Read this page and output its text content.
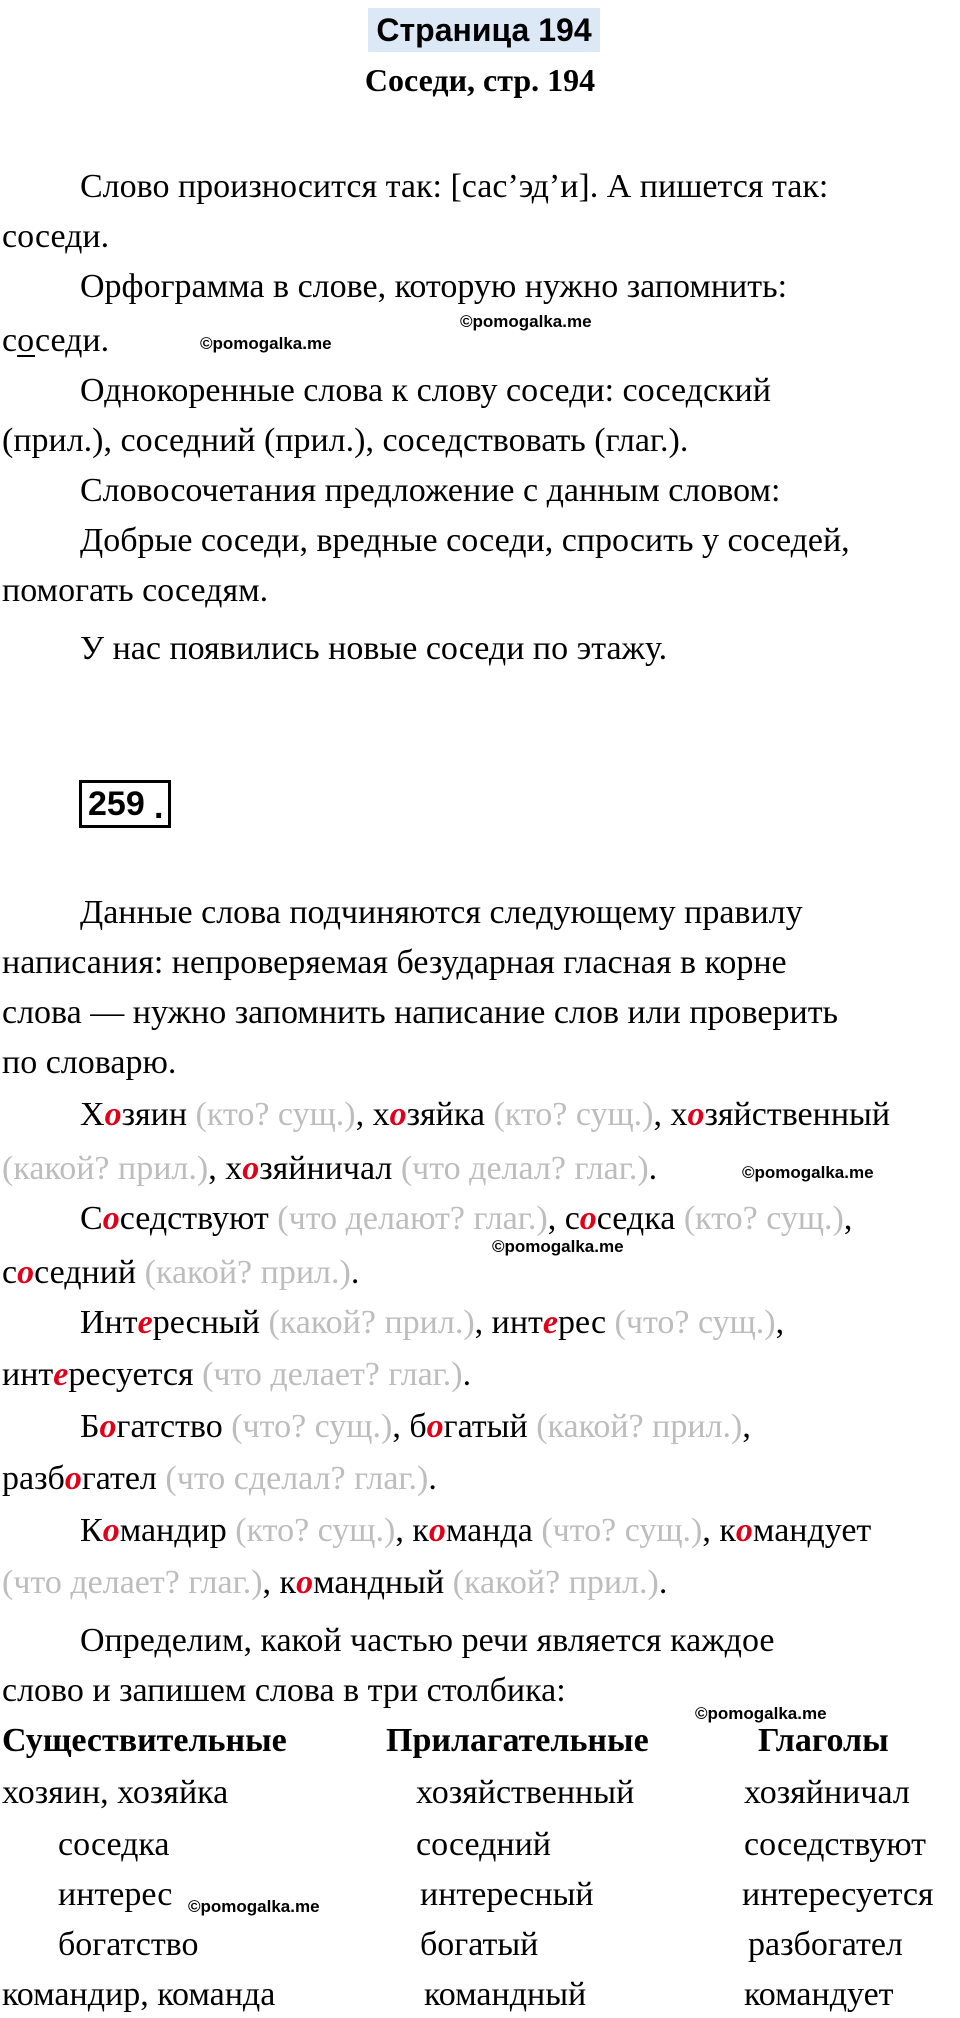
Страница 194
Соседи, стр. 194
Слово произносится так: [сас’эд’и]. А пишется так:
соседи.
Орфограмма в слове, которую нужно запомнить:
соседи.	©pomogalka.me
©pomogalka.me
Однокоренные слова к слову соседи: соседский
(прил.), соседний (прил.), соседствовать (глаг.).
Словосочетания предложение с данным словом:
Добрые соседи, вредные соседи, спросить у соседей,
помогать соседям.
У нас появились новые соседи по этажу.
259 .
Данные слова подчиняются следующему правилу
написания: непроверяемая безударная гласная в корне
слова — нужно запомнить написание слов или проверить
по словарю.
Хозяин (кто? сущ.), хозяйка (кто? сущ.), хозяйственный
(какой? прил.), хозяйничал (что делал? глаг.).	©pomogalka.me
Соседствуют (что делают? глаг.), соседка (кто? сущ.),
©pomogalka.me
соседний (какой? прил.).
Интересный (какой? прил.), интерес (что? сущ.),
интересуется (что делает? глаг.).
Богатство (что? сущ.), богатый (какой? прил.),
разбогател (что сделал? глаг.).
Командир (кто? сущ.), команда (что? сущ.), командует
(что делает? глаг.), командный (какой? прил.).
Определим, какой частью речи является каждое
слово и запишем слова в три столбика:
©pomogalka.me
Существительные	Прилагательные	Глаголы
хозяин, хозяйка	хозяйственный	хозяйничал
соседка	соседний	соседствуют
интерес ©pomogalka.me	интересный	интересуется
богатство	богатый	разбогател
командир, команда	командный	командует
